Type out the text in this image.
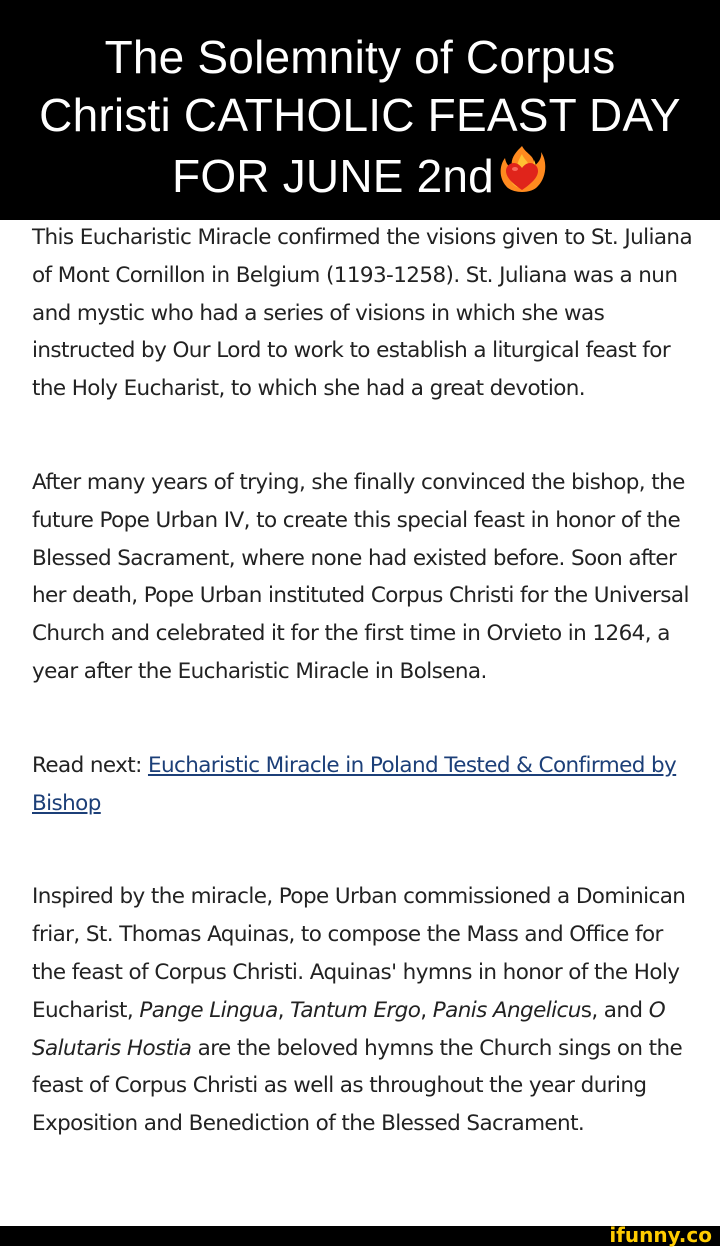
The Solemnity of Corpus
Christi CATHOLIC FEAST DAY
FOR JUNE 2nd

This Eucharistic Miracle confirmed the visions given to St. Juliana of Mont Cornillon in Belgium (1193-1258). St. Juliana was a nun and mystic who had a series of visions in which she was instructed by Our Lord to work to establish a liturgical feast for the Holy Eucharist, to which she had a great devotion.

After many years of trying, she finally convinced the bishop, the future Pope Urban IV, to create this special feast in honor of the Blessed Sacrament, where none had existed before. Soon after her death, Pope Urban instituted Corpus Christi for the Universal Church and celebrated it for the first time in Orvieto in 1264, a year after the Eucharistic Miracle in Bolsena.

Read next: Eucharistic Miracle in Poland Tested & Confirmed by Bishop

Inspired by the miracle, Pope Urban commissioned a Dominican friar, St. Thomas Aquinas, to compose the Mass and Office for the feast of Corpus Christi. Aquinas' hymns in honor of the Holy Eucharist, Pange Lingua, Tantum Ergo, Panis Angelicus, and O Salutaris Hostia are the beloved hymns the Church sings on the feast of Corpus Christi as well as throughout the year during Exposition and Benediction of the Blessed Sacrament.

ifunny.co
